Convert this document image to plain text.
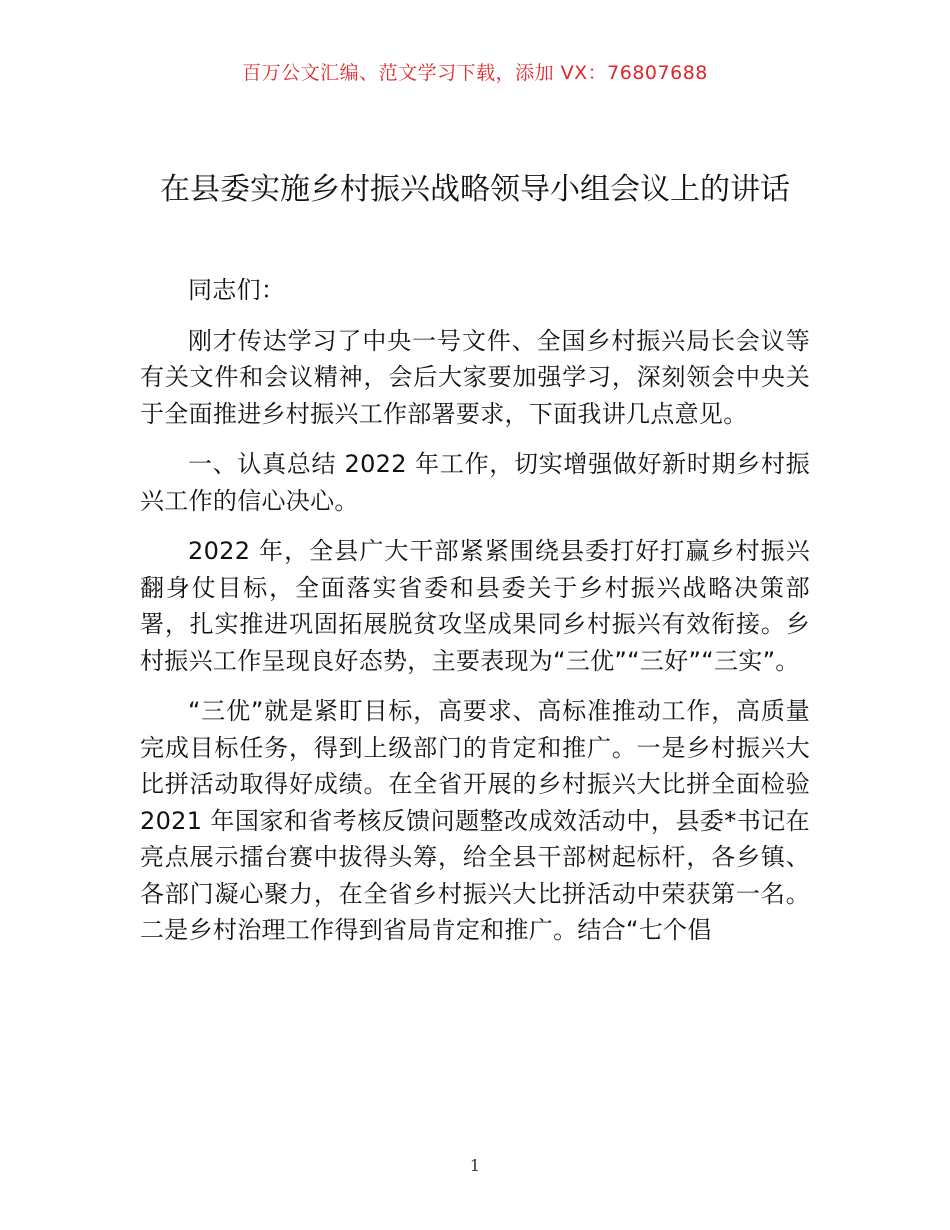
百万公文汇编、范文学习下载，添加 VX：76807688
在县委实施乡村振兴战略领导小组会议上的讲话

同志们：

刚才传达学习了中央一号文件、全国乡村振兴局长会议等有关文件和会议精神，会后大家要加强学习，深刻领会中央关于全面推进乡村振兴工作部署要求，下面我讲几点意见。

一、认真总结 2022 年工作，切实增强做好新时期乡村振兴工作的信心决心。

2022 年，全县广大干部紧紧围绕县委打好打赢乡村振兴翻身仗目标，全面落实省委和县委关于乡村振兴战略决策部署，扎实推进巩固拓展脱贫攻坚成果同乡村振兴有效衔接。乡村振兴工作呈现良好态势，主要表现为“三优”“三好”“三实”。

“三优”就是紧盯目标，高要求、高标准推动工作，高质量完成目标任务，得到上级部门的肯定和推广。一是乡村振兴大比拼活动取得好成绩。在全省开展的乡村振兴大比拼全面检验 2021 年国家和省考核反馈问题整改成效活动中，县委*书记在亮点展示擂台赛中拔得头筹，给全县干部树起标杆，各乡镇、各部门凝心聚力，在全省乡村振兴大比拼活动中荣获第一名。二是乡村治理工作得到省局肯定和推广。结合“七个倡

1
